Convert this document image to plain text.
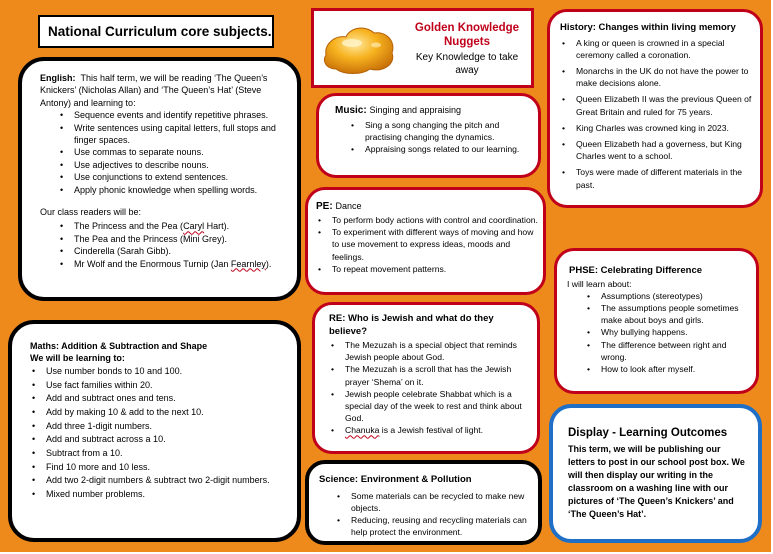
National Curriculum core subjects.	Golden Knowledge
Nuggets
Key Knowledge to take
away
English: This half term, we will be reading ‘The Queen’s Knickers’ (Nicholas Allan) and ‘The Queen’s Hat’ (Steve Antony) and learning to:
• Sequence events and identify repetitive phrases.
• Write sentences using capital letters, full stops and finger spaces.
• Use commas to separate nouns.
• Use adjectives to describe nouns.
• Use conjunctions to extend sentences.
• Apply phonic knowledge when spelling words.
Our class readers will be:
• The Princess and the Pea (Caryl Hart).
• The Pea and the Princess (Mini Grey).
• Cinderella (Sarah Gibb).
• Mr Wolf and the Enormous Turnip (Jan Fearnley).
Maths: Addition & Subtraction and Shape
We will be learning to:
• Use number bonds to 10 and 100.
• Use fact families within 20.
• Add and subtract ones and tens.
• Add by making 10 & add to the next 10.
• Add three 1-digit numbers.
• Add and subtract across a 10.
• Subtract from a 10.
• Find 10 more and 10 less.
• Add two 2-digit numbers & subtract two 2-digit numbers.
• Mixed number problems.
Music: Singing and appraising
• Sing a song changing the pitch and practising changing the dynamics.
• Appraising songs related to our learning.
PE: Dance
• To perform body actions with control and coordination.
• To experiment with different ways of moving and how to use movement to express ideas, moods and feelings.
• To repeat movement patterns.
RE: Who is Jewish and what do they
believe?
• The Mezuzah is a special object that reminds Jewish people about God.
• The Mezuzah is a scroll that has the Jewish prayer ‘Shema’ on it.
• Jewish people celebrate Shabbat which is a special day of the week to rest and think about God.
• Chanuka is a Jewish festival of light.
Science: Environment & Pollution
• Some materials can be recycled to make new objects.
• Reducing, reusing and recycling materials can help protect the environment.
History: Changes within living memory
• A king or queen is crowned in a special ceremony called a coronation.
• Monarchs in the UK do not have the power to make decisions alone.
• Queen Elizabeth II was the previous Queen of Great Britain and ruled for 75 years.
• King Charles was crowned king in 2023.
• Queen Elizabeth had a governess, but King Charles went to a school.
• Toys were made of different materials in the past.
PHSE: Celebrating Difference
I will learn about:
• Assumptions (stereotypes)
• The assumptions people sometimes make about boys and girls.
• Why bullying happens.
• The difference between right and wrong.
• How to look after myself.
Display - Learning Outcomes
This term, we will be publishing our letters to post in our school post box. We will then display our writing in the classroom on a washing line with our pictures of ‘The Queen’s Knickers’ and ‘The Queen’s Hat’.
